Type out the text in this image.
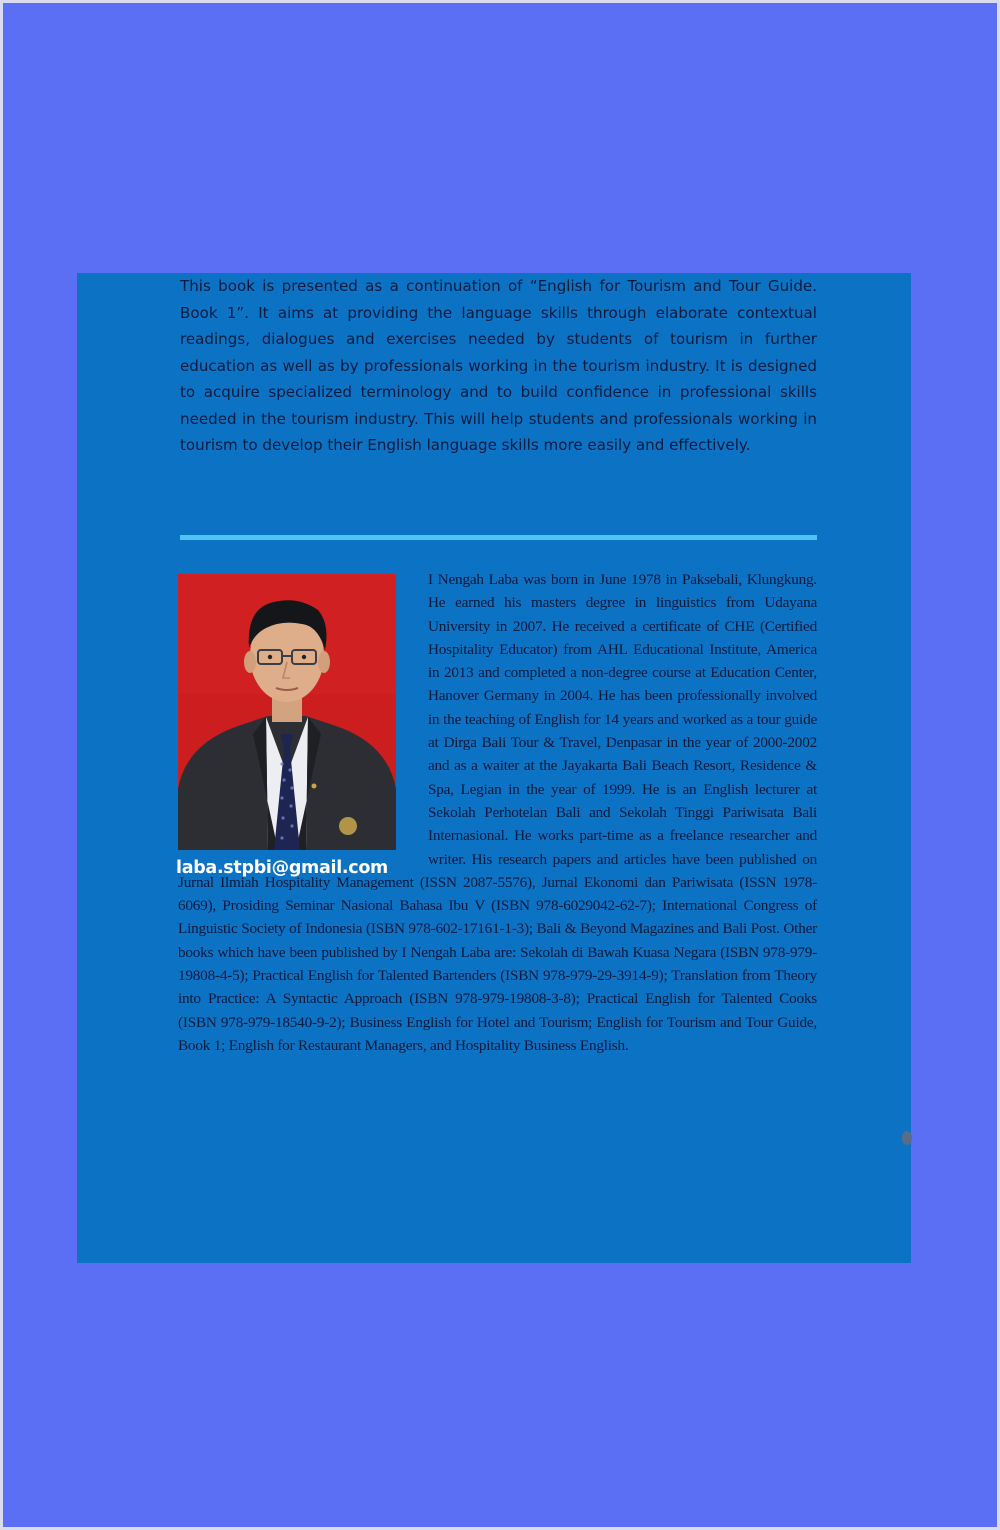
This book is presented as a continuation of “English for Tourism and Tour Guide. Book 1”. It aims at providing the language skills through elaborate contextual readings, dialogues and exercises needed by students of tourism in further education as well as by professionals working in the tourism industry. It is designed to acquire specialized terminology and to build confidence in professional skills needed in the tourism industry. This will help students and professionals working in tourism to develop their English language skills more easily and effectively.

laba.stpbi@gmail.com

I Nengah Laba was born in June 1978 in Paksebali, Klungkung. He earned his masters degree in linguistics from Udayana University in 2007. He received a certificate of CHE (Certified Hospitality Educator) from AHL Educational Institute, America in 2013 and completed a non-degree course at Education Center, Hanover Germany in 2004. He has been professionally involved in the teaching of English for 14 years and worked as a tour guide at Dirga Bali Tour & Travel, Denpasar in the year of 2000-2002 and as a waiter at the Jayakarta Bali Beach Resort, Residence & Spa, Legian in the year of 1999. He is an English lecturer at Sekolah Perhotelan Bali and Sekolah Tinggi Pariwisata Bali Internasional. He works part-time as a freelance researcher and writer. His research papers and articles have been published on Jurnal Ilmiah Hospitality Management (ISSN 2087-5576), Jurnal Ekonomi dan Pariwisata (ISSN 1978-6069), Prosiding Seminar Nasional Bahasa Ibu V (ISBN 978-6029042-62-7); International Congress of Linguistic Society of Indonesia (ISBN 978-602-17161-1-3); Bali & Beyond Magazines and Bali Post. Other books which have been published by I Nengah Laba are: Sekolah di Bawah Kuasa Negara (ISBN 978-979-19808-4-5); Practical English for Talented Bartenders (ISBN 978-979-29-3914-9); Translation from Theory into Practice: A Syntactic Approach (ISBN 978-979-19808-3-8); Practical English for Talented Cooks (ISBN 978-979-18540-9-2); Business English for Hotel and Tourism; English for Tourism and Tour Guide, Book 1; English for Restaurant Managers, and Hospitality Business English.
